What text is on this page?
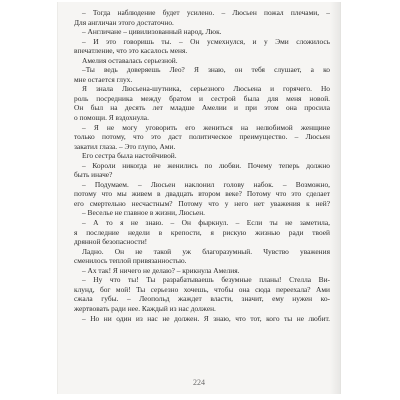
– Тогда наблюдение будет усилено. – Люсьен пожал плечами, –
Для англичан этого достаточно.
– Англичане – цивилизованный народ, Люк.
– И это говоришь ты. – Он усмехнулся, и у Эми сложилось
впечатление, что это касалось меня.
Амелия оставалась серьезной.
–Ты ведь доверяешь Лео? Я знаю, он тебя слушает, а ко
мне остается глух.
Я знала Люсьена-шутника, серьезного Люсьена и горячего. Но
роль посредника между братом и сестрой была для меня новой.
Он был на десять лет младше Амелии и при этом она просила
о помощи. Я вздохнула.
– Я не могу уговорить его жениться на нелюбимой женщине
только потому, что это даст политическое преимущество. – Люсьен
закатил глаза. – Это глупо, Ами.
Его сестра была настойчивой.
– Короли никогда не женились по любви. Почему теперь должно
быть иначе?
– Подумаем. – Люсьен наклонил голову набок. – Возможно,
потому что мы живем в двадцать втором веке? Потому что это сделает
его смертельно несчастным? Потому что у него нет уважения к ней?
– Веселье не главное в жизни, Люсьен.
– А то я не знаю. – Он фыркнул. – Если ты не заметила,
я последние недели в крепости, я рискую жизнью ради твоей
дрянной безопасности!
Ладно. Он не такой уж благоразумный. Чувство уважения
сменилось теплой привязанностью.
– Ах так! Я ничего не делаю? – крикнула Амелия.
– Ну что ты! Ты разрабатываешь безумные планы! Стелла Ви-
клунд, бог мой! Ты серьезно хочешь, чтобы она сюда переехала? Ами
сжала губы. – Леопольд жаждет власти, значит, ему нужен ко-
жертвовать ради нее. Каждый из нас должен.
– Но ни один из нас не должен. Я знаю, что тот, кого ты не любит.
224
